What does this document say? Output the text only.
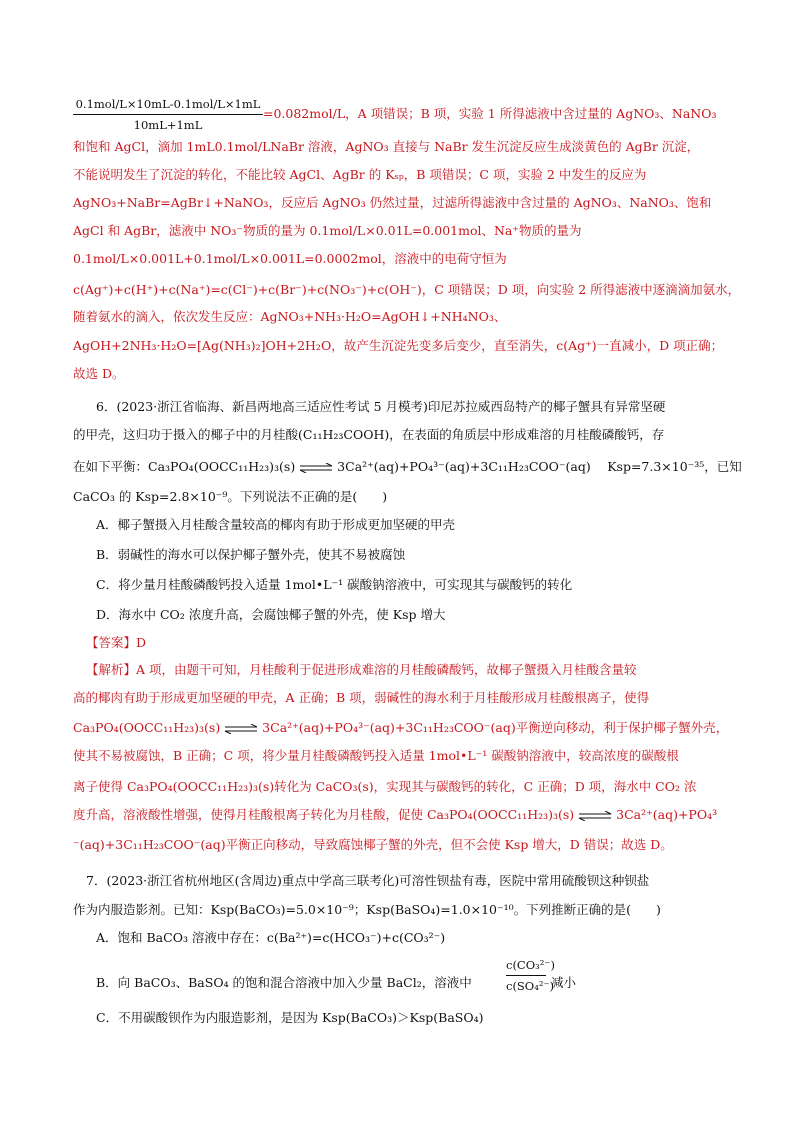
0.1mol/L×10mL-0.1mol/L×1mL
10mL+1mL
=0.082mol/L，A 项错误；B 项，实验 1 所得滤液中含过量的 AgNO₃、NaNO₃
和饱和 AgCl，滴加 1mL0.1mol/LNaBr 溶液，AgNO₃ 直接与 NaBr 发生沉淀反应生成淡黄色的 AgBr 沉淀，
不能说明发生了沉淀的转化，不能比较 AgCl、AgBr 的 Kₛₚ，B 项错误；C 项，实验 2 中发生的反应为
AgNO₃+NaBr=AgBr↓+NaNO₃，反应后 AgNO₃ 仍然过量，过滤所得滤液中含过量的 AgNO₃、NaNO₃、饱和
AgCl 和 AgBr，滤液中 NO₃⁻物质的量为 0.1mol/L×0.01L=0.001mol、Na⁺物质的量为
0.1mol/L×0.001L+0.1mol/L×0.001L=0.0002mol，溶液中的电荷守恒为
c(Ag⁺)+c(H⁺)+c(Na⁺)=c(Cl⁻)+c(Br⁻)+c(NO₃⁻)+c(OH⁻)，C 项错误；D 项，向实验 2 所得滤液中逐滴滴加氨水，
随着氨水的滴入，依次发生反应：AgNO₃+NH₃·H₂O=AgOH↓+NH₄NO₃、
AgOH+2NH₃·H₂O=[Ag(NH₃)₂]OH+2H₂O，故产生沉淀先变多后变少，直至消失，c(Ag⁺)一直减小，D 项正确；
故选 D。
6．(2023·浙江省临海、新昌两地高三适应性考试 5 月模考)印尼苏拉威西岛特产的椰子蟹具有异常坚硬
的甲壳，这归功于摄入的椰子中的月桂酸(C₁₁H₂₃COOH)，在表面的角质层中形成难溶的月桂酸磷酸钙，存
在如下平衡：Ca₃PO₄(OOCC₁₁H₂₃)₃(s) ⇌ 3Ca²⁺(aq)+PO₄³⁻(aq)+3C₁₁H₂₃COO⁻(aq)　 Ksp=7.3×10⁻³⁵，已知
CaCO₃ 的 Ksp=2.8×10⁻⁹。下列说法不正确的是(　　)
A．椰子蟹摄入月桂酸含量较高的椰肉有助于形成更加坚硬的甲壳
B．弱碱性的海水可以保护椰子蟹外壳，使其不易被腐蚀
C．将少量月桂酸磷酸钙投入适量 1mol•L⁻¹ 碳酸钠溶液中，可实现其与碳酸钙的转化
D．海水中 CO₂ 浓度升高，会腐蚀椰子蟹的外壳，使 Ksp 增大
【答案】D
【解析】A 项，由题干可知，月桂酸利于促进形成难溶的月桂酸磷酸钙，故椰子蟹摄入月桂酸含量较
高的椰肉有助于形成更加坚硬的甲壳，A 正确；B 项，弱碱性的海水利于月桂酸形成月桂酸根离子，使得
Ca₃PO₄(OOCC₁₁H₂₃)₃(s) ⇌ 3Ca²⁺(aq)+PO₄³⁻(aq)+3C₁₁H₂₃COO⁻(aq)平衡逆向移动，利于保护椰子蟹外壳，
使其不易被腐蚀，B 正确；C 项，将少量月桂酸磷酸钙投入适量 1mol•L⁻¹ 碳酸钠溶液中，较高浓度的碳酸根
离子使得 Ca₃PO₄(OOCC₁₁H₂₃)₃(s)转化为 CaCO₃(s)，实现其与碳酸钙的转化，C 正确；D 项，海水中 CO₂ 浓
度升高，溶液酸性增强，使得月桂酸根离子转化为月桂酸，促使 Ca₃PO₄(OOCC₁₁H₂₃)₃(s) ⇌ 3Ca²⁺(aq)+PO₄³
⁻(aq)+3C₁₁H₂₃COO⁻(aq)平衡正向移动，导致腐蚀椰子蟹的外壳，但不会使 Ksp 增大，D 错误；故选 D。
7．(2023·浙江省杭州地区(含周边)重点中学高三联考化)可溶性钡盐有毒，医院中常用硫酸钡这种钡盐
作为内服造影剂。已知：Ksp(BaCO₃)=5.0×10⁻⁹；Ksp(BaSO₄)=1.0×10⁻¹⁰。下列推断正确的是(　　)
A．饱和 BaCO₃ 溶液中存在：c(Ba²⁺)=c(HCO₃⁻)+c(CO₃²⁻)
B．向 BaCO₃、BaSO₄ 的饱和混合溶液中加入少量 BaCl₂，溶液中
c(CO₃²⁻)
c(SO₄²⁻)
减小
C．不用碳酸钡作为内服造影剂，是因为 Ksp(BaCO₃)＞Ksp(BaSO₄)
